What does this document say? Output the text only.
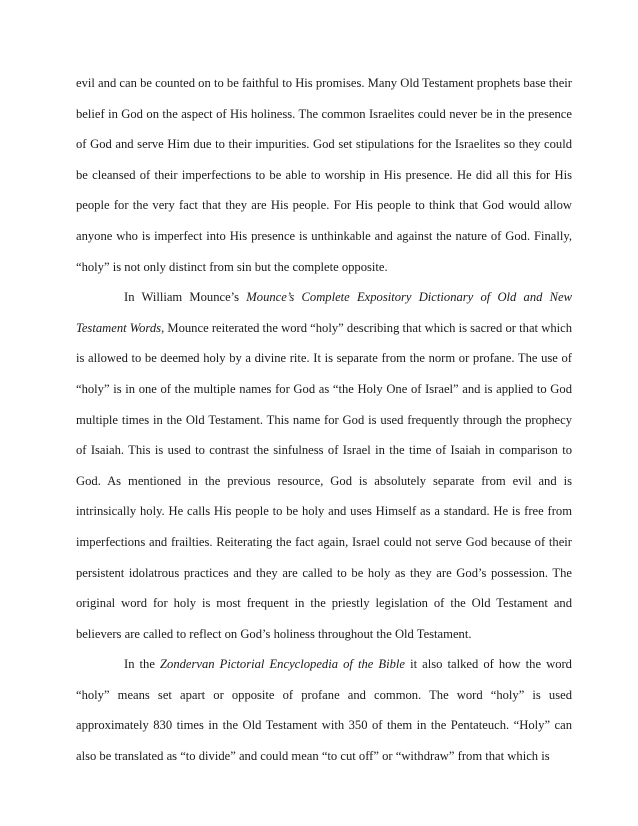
evil and can be counted on to be faithful to His promises. Many Old Testament prophets base their belief in God on the aspect of His holiness. The common Israelites could never be in the presence of God and serve Him due to their impurities. God set stipulations for the Israelites so they could be cleansed of their imperfections to be able to worship in His presence. He did all this for His people for the very fact that they are His people. For His people to think that God would allow anyone who is imperfect into His presence is unthinkable and against the nature of God. Finally, “holy” is not only distinct from sin but the complete opposite.

In William Mounce’s Mounce’s Complete Expository Dictionary of Old and New Testament Words, Mounce reiterated the word “holy” describing that which is sacred or that which is allowed to be deemed holy by a divine rite. It is separate from the norm or profane. The use of “holy” is in one of the multiple names for God as “the Holy One of Israel” and is applied to God multiple times in the Old Testament. This name for God is used frequently through the prophecy of Isaiah. This is used to contrast the sinfulness of Israel in the time of Isaiah in comparison to God. As mentioned in the previous resource, God is absolutely separate from evil and is intrinsically holy. He calls His people to be holy and uses Himself as a standard. He is free from imperfections and frailties. Reiterating the fact again, Israel could not serve God because of their persistent idolatrous practices and they are called to be holy as they are God’s possession. The original word for holy is most frequent in the priestly legislation of the Old Testament and believers are called to reflect on God’s holiness throughout the Old Testament.

In the Zondervan Pictorial Encyclopedia of the Bible it also talked of how the word “holy” means set apart or opposite of profane and common. The word “holy” is used approximately 830 times in the Old Testament with 350 of them in the Pentateuch. “Holy” can also be translated as “to divide” and could mean “to cut off” or “withdraw” from that which is
